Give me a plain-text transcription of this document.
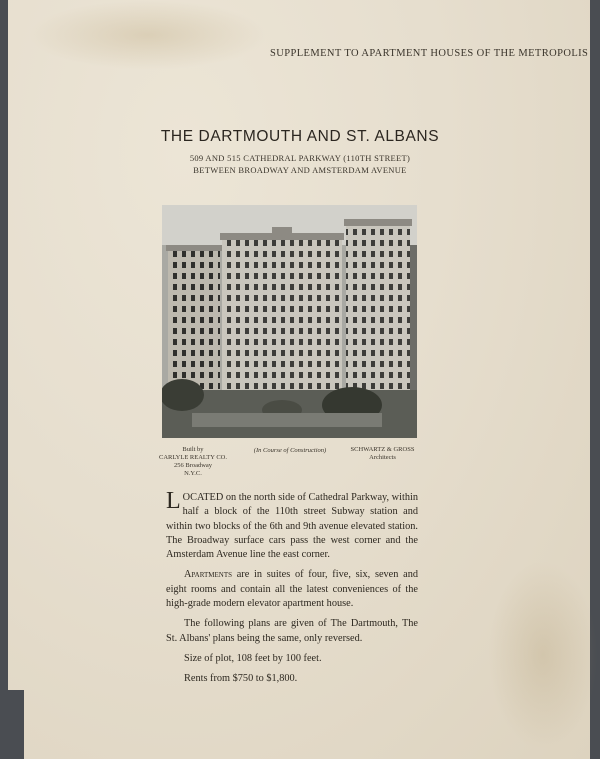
SUPPLEMENT TO APARTMENT HOUSES OF THE METROPOLIS
THE DARTMOUTH AND ST. ALBANS
509 AND 515 CATHEDRAL PARKWAY (110TH STREET)
BETWEEN BROADWAY AND AMSTERDAM AVENUE
Built by
CARLYLE REALTY CO.
256 Broadway
N.Y.C.
(In Course of Construction)	SCHWARTZ & GROSS
Architects

LOCATED on the north side of Cathedral Parkway, within half a block of the 110th street Subway station and within two blocks of the 6th and 9th avenue elevated station. The Broadway surface cars pass the west corner and the Amsterdam Avenue line the east corner.

Apartments are in suites of four, five, six, seven and eight rooms and contain all the latest conveniences of the high-grade modern elevator apartment house.

The following plans are given of The Dartmouth, The St. Albans' plans being the same, only reversed.

Size of plot, 108 feet by 100 feet.

Rents from $750 to $1,800.
